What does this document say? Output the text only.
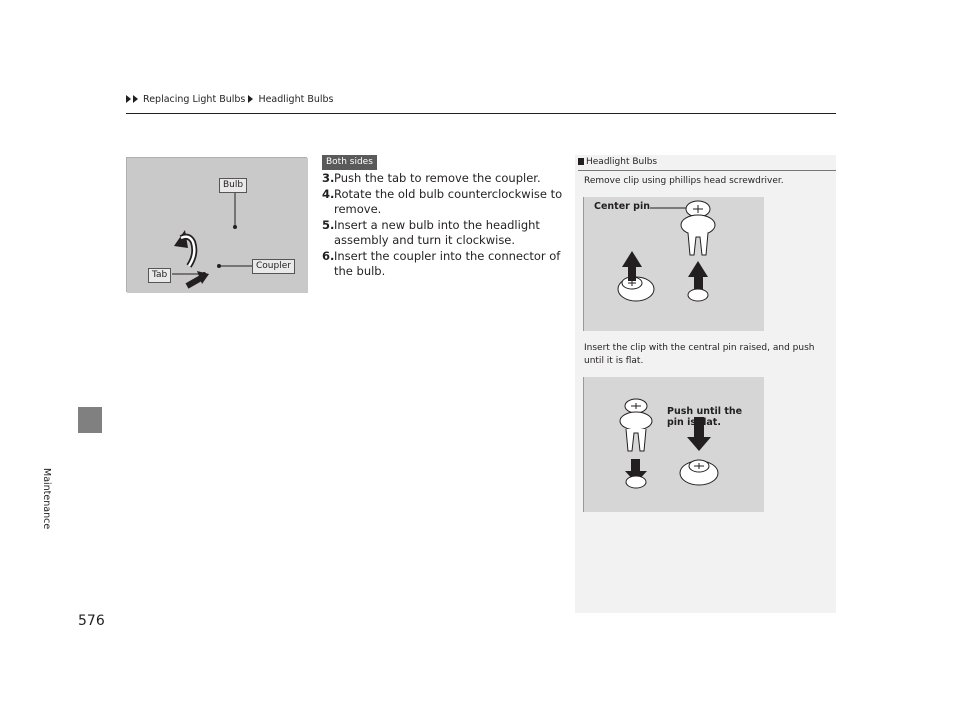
Replacing Light Bulbs Headlight Bulbs
Maintenance
576
Bulb
Coupler
Tab
Both sides
3. Push the tab to remove the coupler.
4. Rotate the old bulb counterclockwise to remove.
5. Insert a new bulb into the headlight assembly and turn it clockwise.
6. Insert the coupler into the connector of the bulb.
Headlight Bulbs
Remove clip using phillips head screwdriver.
Center pin
Insert the clip with the central pin raised, and push until it is flat.
Push until the
pin is flat.
